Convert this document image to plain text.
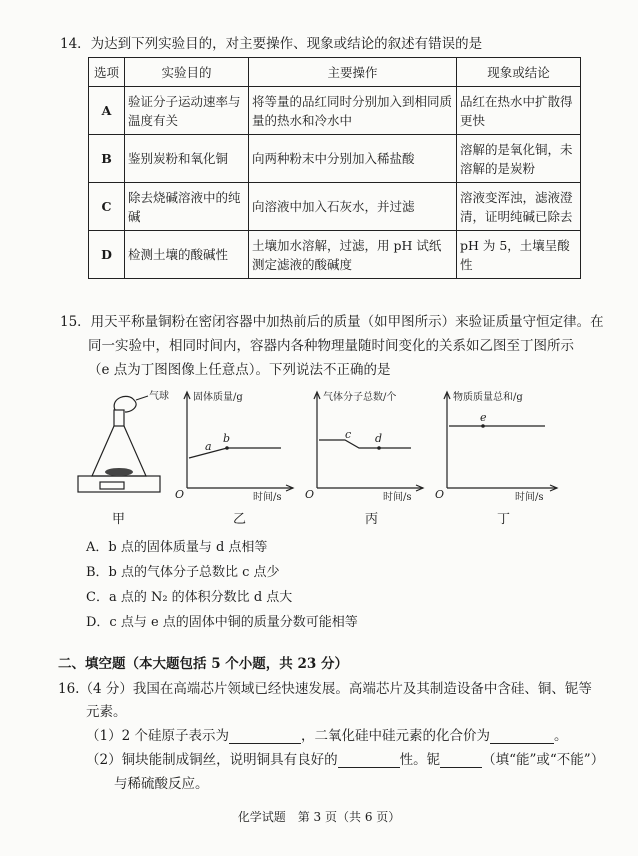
14．为达到下列实验目的，对主要操作、现象或结论的叙述有错误的是
选项	实验目的	主要操作	现象或结论
A	验证分子运动速率与温度有关	将等量的品红同时分别加入到相同质量的热水和冷水中	品红在热水中扩散得更快
B	鉴别炭粉和氧化铜	向两种粉末中分别加入稀盐酸	溶解的是氧化铜，未溶解的是炭粉
C	除去烧碱溶液中的纯碱	向溶液中加入石灰水，并过滤	溶液变浑浊，滤液澄清，证明纯碱已除去
D	检测土壤的酸碱性	土壤加水溶解，过滤，用 pH 试纸测定滤液的酸碱度	pH 为 5，土壤呈酸性
15．用天平称量铜粉在密闭容器中加热前后的质量（如甲图所示）来验证质量守恒定律。在
同一实验中，相同时间内，容器内各种物理量随时间变化的关系如乙图至丁图所示
（e 点为丁图图像上任意点）。下列说法不正确的是
气球 固体质量/g
a
b
O	时间/s
气体分子总数/个
c d
O	时间/s
物质质量总和/g
e
O	时间/s
甲	乙	丙	丁
A．b 点的固体质量与 d 点相等
B．b 点的气体分子总数比 c 点少
C．a 点的 N₂ 的体积分数比 d 点大
D．c 点与 e 点的固体中铜的质量分数可能相等
二、填空题（本大题包括 5 个小题，共 23 分）
16.（4 分）我国在高端芯片领域已经快速发展。高端芯片及其制造设备中含硅、铜、铌等
元素。
（1）2 个硅原子表示为	，二氧化硅中硅元素的化合价为	。
（2）铜块能制成铜丝，说明铜具有良好的	性。铌	（填“能”或“不能”）
与稀硫酸反应。
化学试题　第 3 页（共 6 页）
